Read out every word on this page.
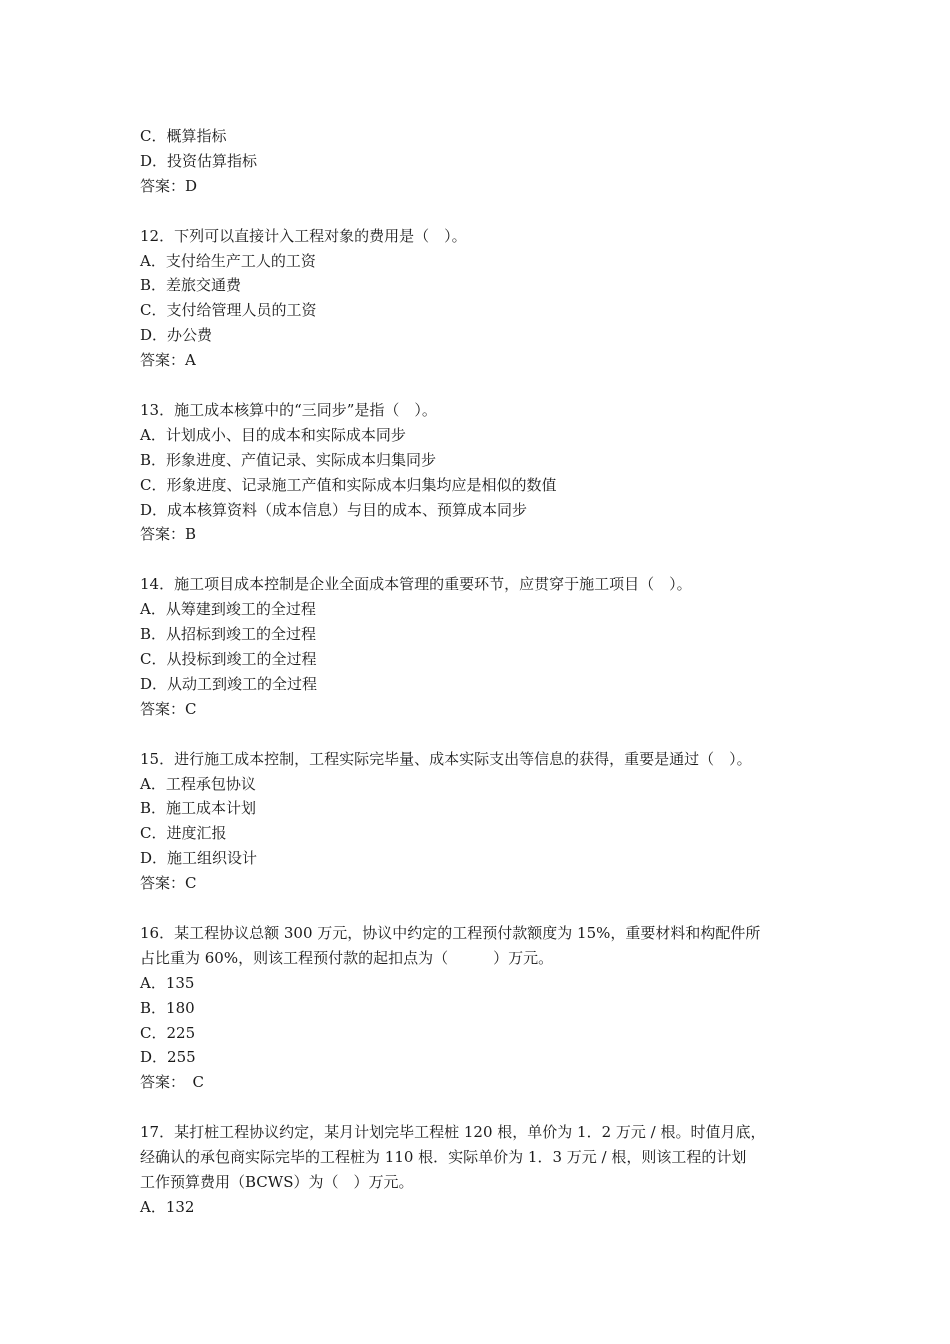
C．概算指标

D．投资估算指标

答案：D

12．下列可以直接计入工程对象的费用是（　）。

A．支付给生产工人的工资

B．差旅交通费

C．支付给管理人员的工资

D．办公费

答案：A

13．施工成本核算中的“三同步”是指（　）。

A．计划成小、目的成本和实际成本同步

B．形象进度、产值记录、实际成本归集同步

C．形象进度、记录施工产值和实际成本归集均应是相似的数值

D．成本核算资料（成本信息）与目的成本、预算成本同步

答案：B

14．施工项目成本控制是企业全面成本管理的重要环节，应贯穿于施工项目（　）。

A．从筹建到竣工的全过程

B．从招标到竣工的全过程

C．从投标到竣工的全过程

D．从动工到竣工的全过程

答案：C

15．进行施工成本控制，工程实际完毕量、成本实际支出等信息的获得，重要是通过（　）。

A．工程承包协议

B．施工成本计划

C．进度汇报

D．施工组织设计

答案：C

16．某工程协议总额 300 万元，协议中约定的工程预付款额度为 15%，重要材料和构配件所

占比重为 60%，则该工程预付款的起扣点为（　　　）万元。

A．135

B．180

C．225

D．255

答案：　C

17．某打桩工程协议约定，某月计划完毕工程桩 120 根，单价为 1．2 万元 / 根。时值月底，

经确认的承包商实际完毕的工程桩为 110 根．实际单价为 1．3 万元 / 根，则该工程的计划

工作预算费用（BCWS）为（　）万元。

A．132
